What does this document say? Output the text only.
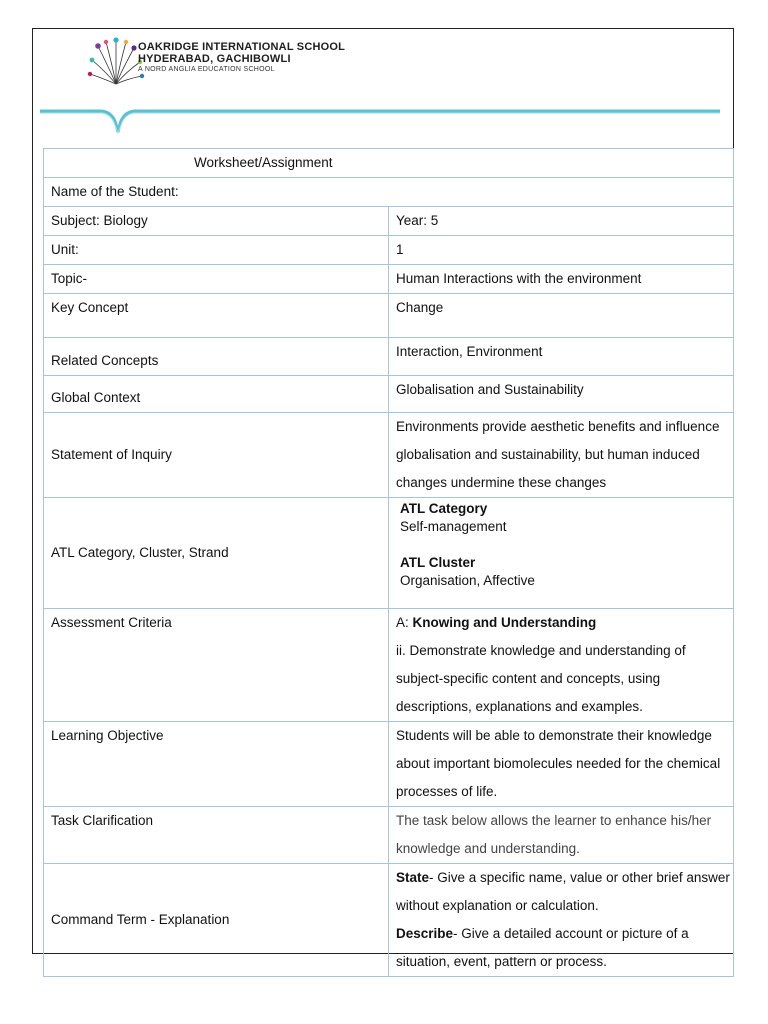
OAKRIDGE INTERNATIONAL SCHOOL
HYDERABAD, GACHIBOWLI
A NORD ANGLIA EDUCATION SCHOOL
Worksheet/Assignment	
Name of the Student:	
Subject: Biology	Year: 5
Unit:	1
Topic-	Human Interactions with the environment
Key Concept	Change
Related Concepts	Interaction, Environment
Global Context	Globalisation and Sustainability
Statement of Inquiry	Environments provide aesthetic benefits and influence globalisation and sustainability, but human induced changes undermine these changes
ATL Category, Cluster, Strand	ATL Category
Self-management
ATL Cluster
Organisation, Affective

Assessment Criteria	A: Knowing and Understanding
ii. Demonstrate knowledge and understanding of subject-specific content and concepts, using descriptions, explanations and examples.

Learning Objective	Students will be able to demonstrate their knowledge about important biomolecules needed for the chemical processes of life.
Task Clarification	The task below allows the learner to enhance his/her knowledge and understanding.
Command Term - Explanation	State- Give a specific name, value or other brief answer without explanation or calculation.
Describe- Give a detailed account or picture of a situation, event, pattern or process.
